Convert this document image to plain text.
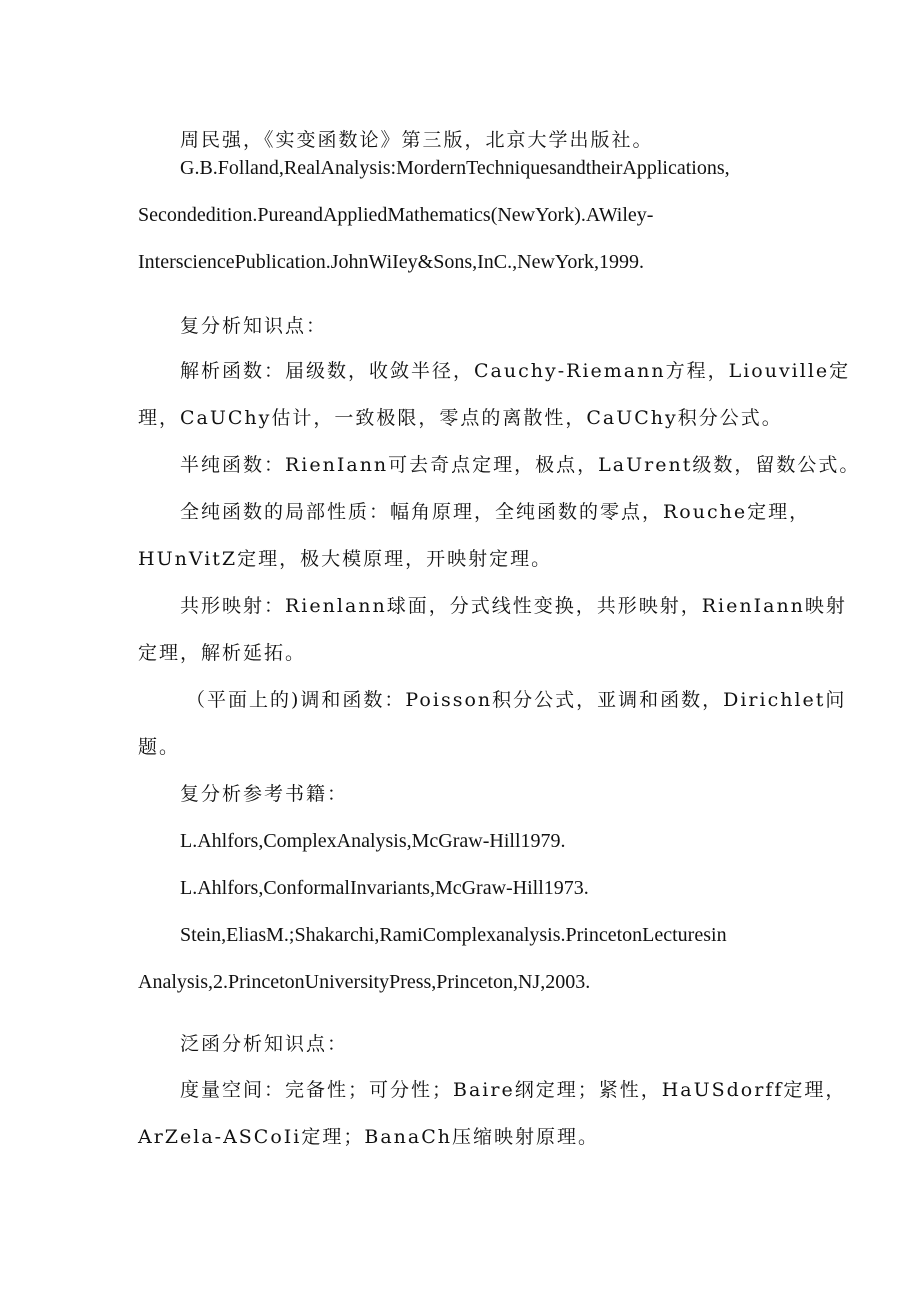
周民强，《实变函数论》第三版，北京大学出版社。
G.B.Folland,RealAnalysis:MordernTechniquesandtheirApplications,
Secondedition.PureandAppliedMathematics(NewYork).AWiley-
IntersciencePublication.JohnWiIey&Sons,InC.,NewYork,1999.
复分析知识点：
解析函数：届级数，收敛半径，Cauchy-Riemann方程，Liouville定
理，CaUChy估计，一致极限，零点的离散性，CaUChy积分公式。
半纯函数：RienIann可去奇点定理，极点，LaUrent级数，留数公式。
全纯函数的局部性质：幅角原理，全纯函数的零点，Rouche定理，
HUnVitZ定理，极大模原理，开映射定理。
共形映射：Rienlann球面，分式线性变换，共形映射，RienIann映射
定理，解析延拓。
（平面上的)调和函数：Poisson积分公式，亚调和函数，Dirichlet问
题。
复分析参考书籍：
L.Ahlfors,ComplexAnalysis,McGraw-Hill1979.
L.Ahlfors,ConformalInvariants,McGraw-Hill1973.
Stein,EliasM.;Shakarchi,RamiComplexanalysis.PrincetonLecturesin
Analysis,2.PrincetonUniversityPress,Princeton,NJ,2003.
泛函分析知识点：
度量空间：完备性；可分性；Baire纲定理；紧性，HaUSdorff定理，
ArZela-ASCoIi定理；BanaCh压缩映射原理。
